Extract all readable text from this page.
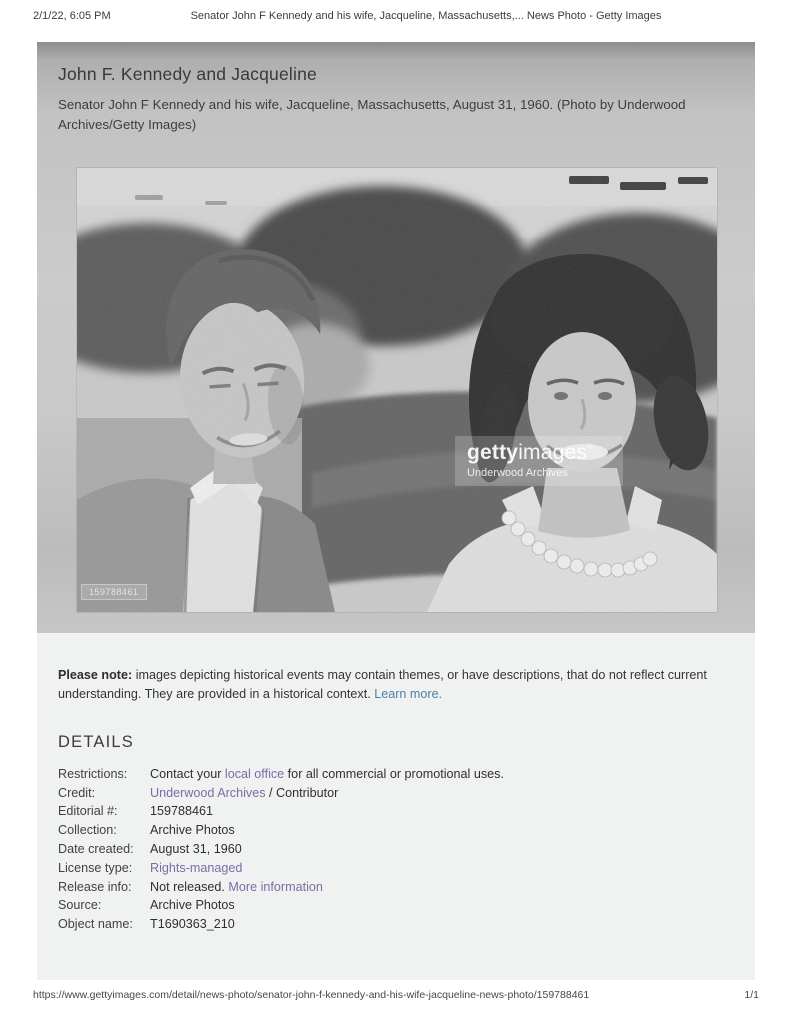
2/1/22, 6:05 PM	Senator John F Kennedy and his wife, Jacqueline, Massachusetts,... News Photo - Getty Images
John F. Kennedy and Jacqueline

Senator John F Kennedy and his wife, Jacqueline, Massachusetts, August 31, 1960. (Photo by Underwood Archives/Getty Images)

gettyimages®
Underwood Archives
159788461

Please note: images depicting historical events may contain themes, or have descriptions, that do not reflect current understanding. They are provided in a historical context. Learn more.

DETAILS
Restrictions:	Contact your local office for all commercial or promotional uses.
Credit:	Underwood Archives / Contributor
Editorial #:	159788461
Collection:	Archive Photos
Date created:	August 31, 1960
License type:	Rights-managed
Release info:	Not released. More information
Source:	Archive Photos
Object name:	T1690363_210
https://www.gettyimages.com/detail/news-photo/senator-john-f-kennedy-and-his-wife-jacqueline-news-photo/159788461	1/1
